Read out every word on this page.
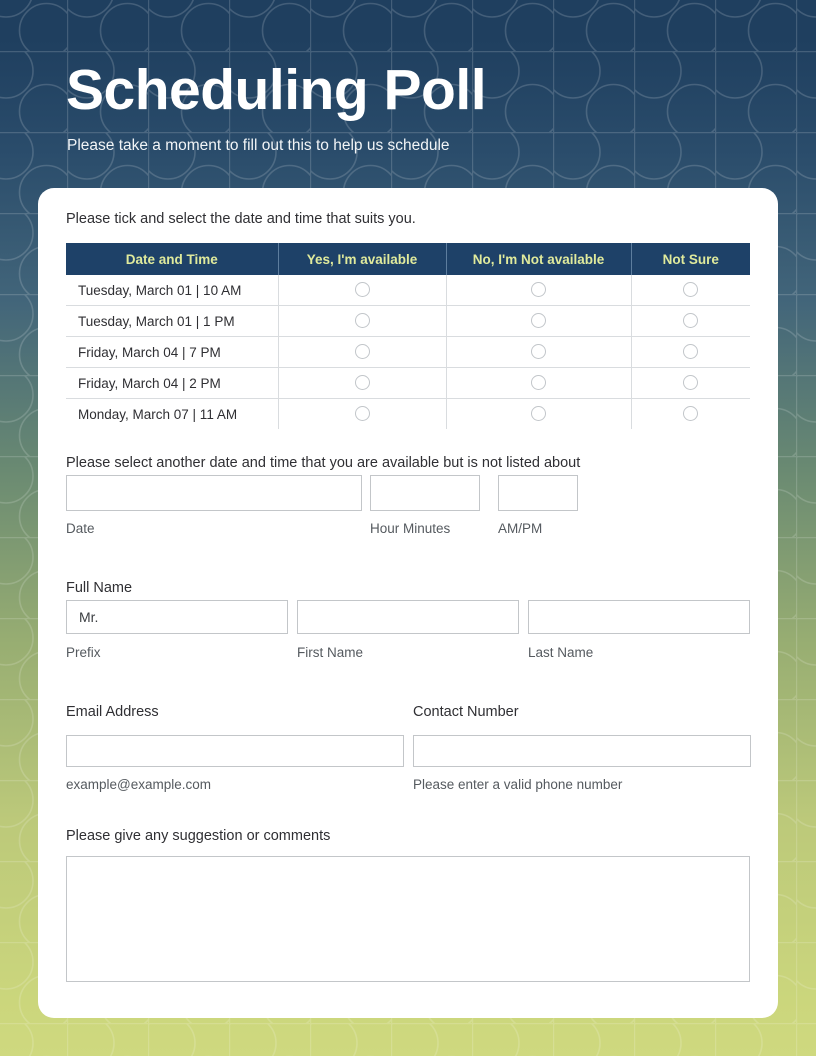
Scheduling Poll

Please take a moment to fill out this to help us schedule

Please tick and select the date and time that suits you.
Date and Time	Yes, I'm available	No, I'm Not available	Not Sure
Tuesday, March 01 | 10 AM			
Tuesday, March 01 | 1 PM			
Friday, March 04 | 7 PM			
Friday, March 04 | 2 PM			
Monday, March 07 | 11 AM			
Please select another date and time that you are available but is not listed about
Date	Hour Minutes	AM/PM
Full Name
Mr.
Prefix	First Name	Last Name
Email Address	Contact Number
example@example.com	Please enter a valid phone number
Please give any suggestion or comments
